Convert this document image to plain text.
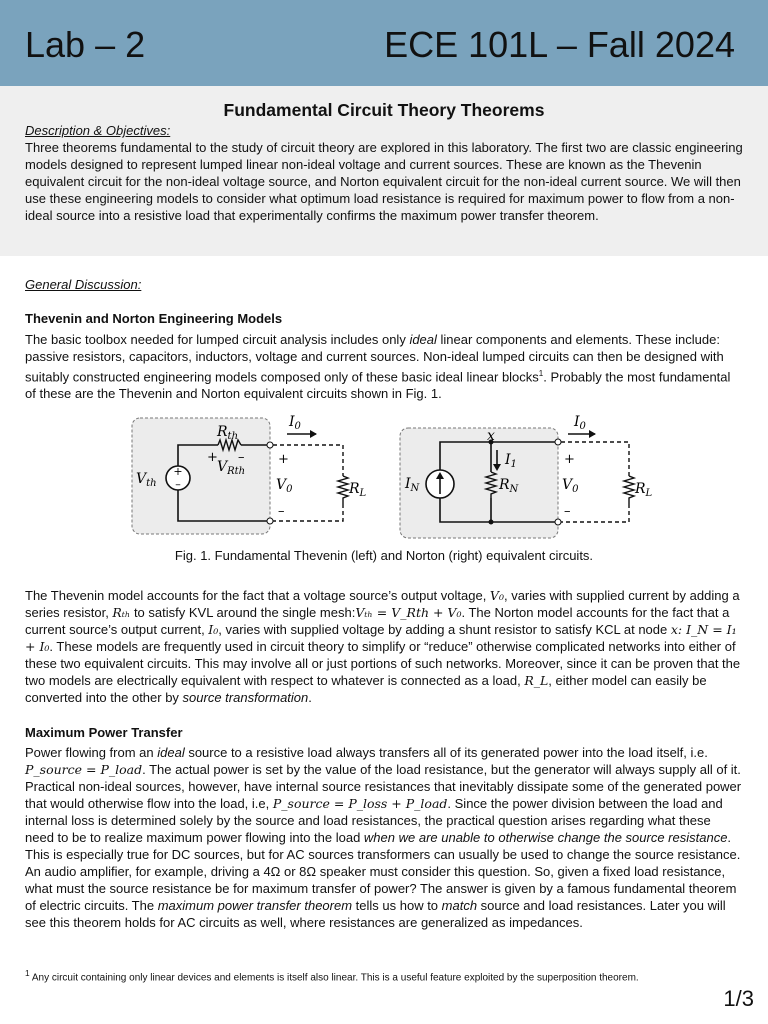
Lab – 2	ECE 101L – Fall 2024
Fundamental Circuit Theory Theorems
Description & Objectives:
Three theorems fundamental to the study of circuit theory are explored in this laboratory. The first two are classic engineering models designed to represent lumped linear non-ideal voltage and current sources. These are known as the Thevenin equivalent circuit for the non-ideal voltage source, and Norton equivalent circuit for the non-ideal current source. We will then use these engineering models to consider what optimum load resistance is required for maximum power to flow from a non-ideal source into a resistive load that experimentally confirms the maximum power transfer theorem.
General Discussion:
Thevenin and Norton Engineering Models
The basic toolbox needed for lumped circuit analysis includes only ideal linear components and elements. These include: passive resistors, capacitors, inductors, voltage and current sources. Non-ideal lumped circuits can then be designed with suitably constructed engineering models composed only of these basic ideal linear blocks$^1$. Probably the most fundamental of these are the Thevenin and Norton equivalent circuits shown in Fig. 1.
+
–
$R_{th}$
+ –
$V_{Rth}$
$V_{th}$
$I_0$
+
$V_0$
–
$R_L$
x
$I_N$
$I_1$
$R_N$
$I_0$
+
$V_0$
–
$R_L$
Fig. 1. Fundamental Thevenin (left) and Norton (right) equivalent circuits.
The Thevenin model accounts for the fact that a voltage source’s output voltage, V₀, varies with supplied current by adding a series resistor, Rₜₕ to satisfy KVL around the single mesh:Vₜₕ = V_Rth + V₀. The Norton model accounts for the fact that a current source’s output current, I₀, varies with supplied voltage by adding a shunt resistor to satisfy KCL at node x: I_N = I₁ + I₀. These models are frequently used in circuit theory to simplify or “reduce” otherwise complicated networks into either of these two equivalent circuits. This may involve all or just portions of such networks. Moreover, since it can be proven that the two models are electrically equivalent with respect to whatever is connected as a load, R_L, either model can easily be converted into the other by source transformation.
Maximum Power Transfer
Power flowing from an ideal source to a resistive load always transfers all of its generated power into the load itself, i.e. P_source = P_load. The actual power is set by the value of the load resistance, but the generator will always supply all of it. Practical non-ideal sources, however, have internal source resistances that inevitably dissipate some of the generated power that would otherwise flow into the load, i.e, P_source = P_loss + P_load. Since the power division between the load and internal loss is determined solely by the source and load resistances, the practical question arises regarding what these need to be to realize maximum power flowing into the load when we are unable to otherwise change the source resistance. This is especially true for DC sources, but for AC sources transformers can usually be used to change the source resistance. An audio amplifier, for example, driving a 4Ω or 8Ω speaker must consider this question. So, given a fixed load resistance, what must the source resistance be for maximum transfer of power? The answer is given by a famous fundamental theorem of electric circuits. The maximum power transfer theorem tells us how to match source and load resistances. Later you will see this theorem holds for AC circuits as well, where resistances are generalized as impedances.
$^1$ Any circuit containing only linear devices and elements is itself also linear. This is a useful feature exploited by the superposition theorem.
1/3
